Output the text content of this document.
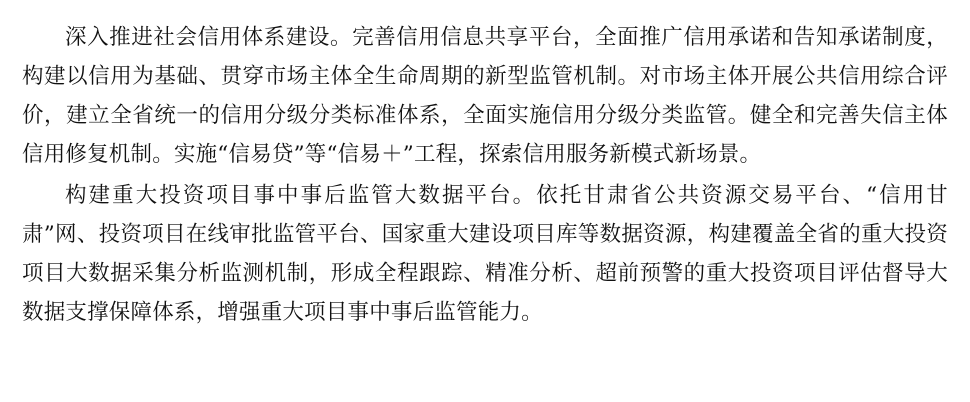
深入推进社会信用体系建设。完善信用信息共享平台，全面推广信用承诺和告知承诺制度，构建以信用为基础、贯穿市场主体全生命周期的新型监管机制。对市场主体开展公共信用综合评价，建立全省统一的信用分级分类标准体系，全面实施信用分级分类监管。健全和完善失信主体信用修复机制。实施“信易贷”等“信易＋”工程，探索信用服务新模式新场景。

构建重大投资项目事中事后监管大数据平台。依托甘肃省公共资源交易平台、“信用甘肃”网、投资项目在线审批监管平台、国家重大建设项目库等数据资源，构建覆盖全省的重大投资项目大数据采集分析监测机制，形成全程跟踪、精准分析、超前预警的重大投资项目评估督导大数据支撑保障体系，增强重大项目事中事后监管能力。
